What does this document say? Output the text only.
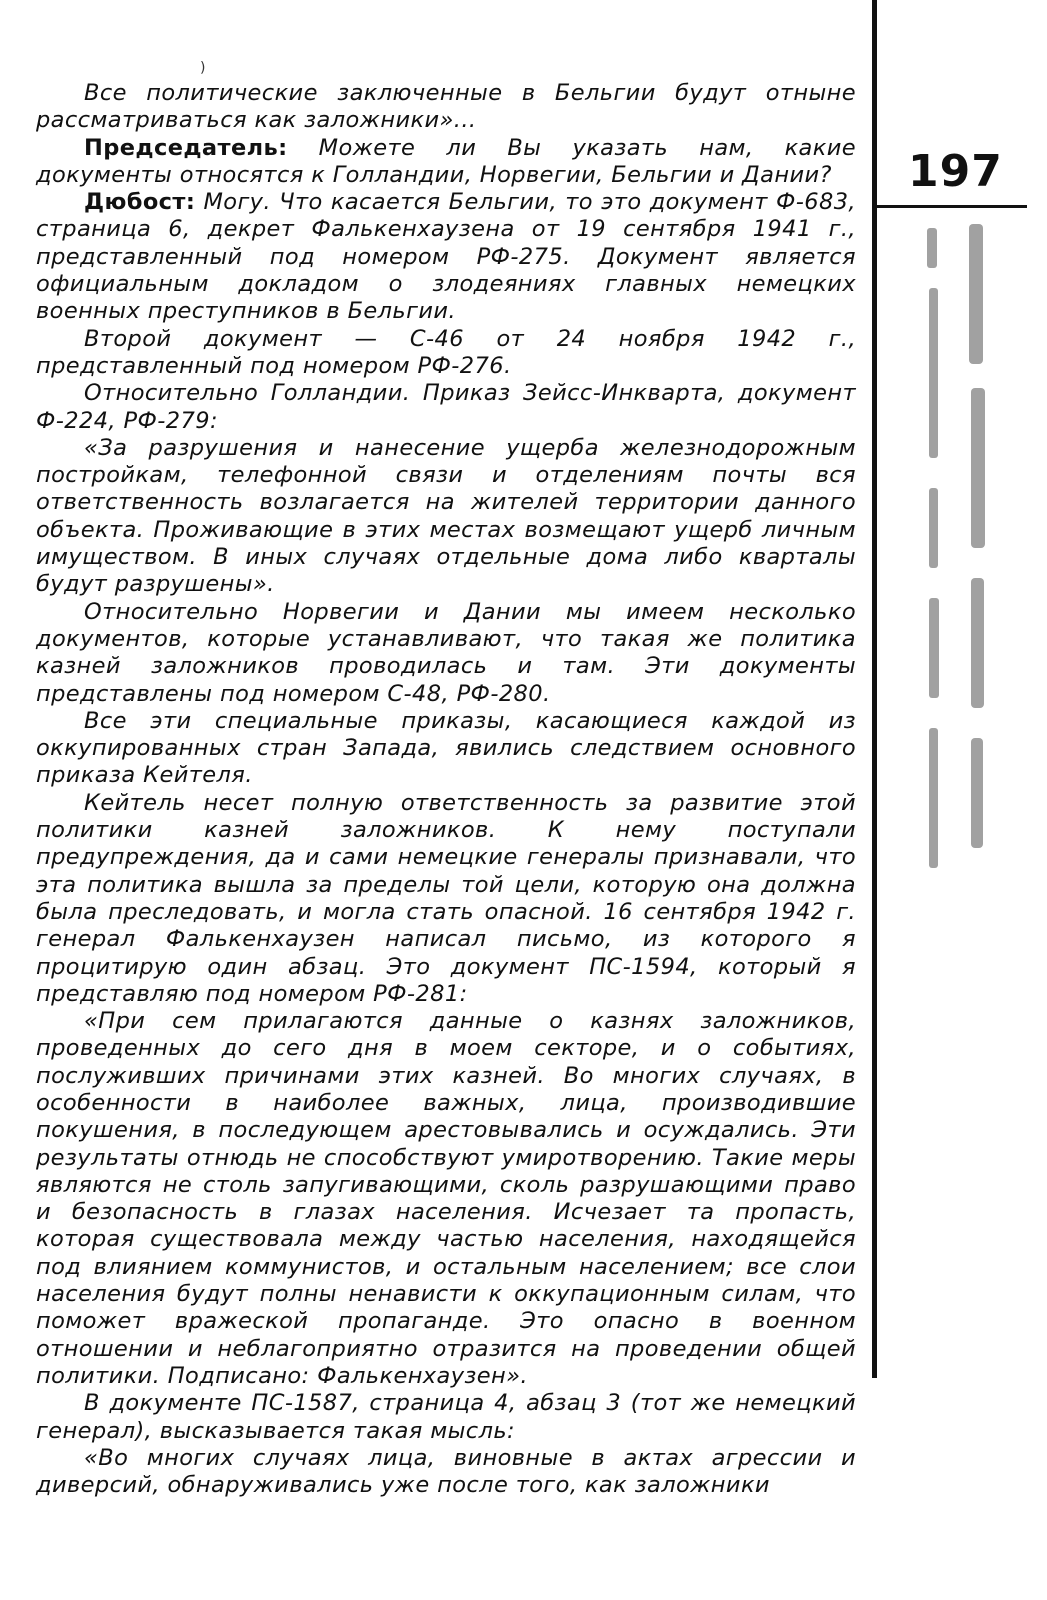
)

Все политические заключенные в Бельгии будут отныне рассматриваться как заложники»...

Председатель: Можете ли Вы указать нам, какие документы относятся к Голландии, Норвегии, Бельгии и Дании?

Дюбост: Могу. Что касается Бельгии, то это документ Ф-683, страница 6, декрет Фалькенхаузена от 19 сентября 1941 г., представленный под номером РФ-275. Документ является официальным докладом о злодеяниях главных немецких военных преступников в Бельгии.

Второй документ — С-46 от 24 ноября 1942 г., представленный под номером РФ-276.

Относительно Голландии. Приказ Зейсс-Инкварта, документ Ф-224, РФ-279:

«За разрушения и нанесение ущерба железнодорожным постройкам, телефонной связи и отделениям почты вся ответственность возлагается на жителей территории данного объекта. Проживающие в этих местах возмещают ущерб личным имуществом. В иных случаях отдельные дома либо кварталы будут разрушены».

Относительно Норвегии и Дании мы имеем несколько документов, которые устанавливают, что такая же политика казней заложников проводилась и там. Эти документы представлены под номером С-48, РФ-280.

Все эти специальные приказы, касающиеся каждой из оккупированных стран Запада, явились следствием основного приказа Кейтеля.

Кейтель несет полную ответственность за развитие этой политики казней заложников. К нему поступали предупреждения, да и сами немецкие генералы признавали, что эта политика вышла за пределы той цели, которую она должна была преследовать, и могла стать опасной. 16 сентября 1942 г. генерал Фалькенхаузен написал письмо, из которого я процитирую один абзац. Это документ ПС-1594, который я представляю под номером РФ-281:

«При сем прилагаются данные о казнях заложников, проведенных до сего дня в моем секторе, и о событиях, послуживших причинами этих казней. Во многих случаях, в особенности в наиболее важных, лица, производившие покушения, в последующем арестовывались и осуждались. Эти результаты отнюдь не способствуют умиротворению. Такие меры являются не столь запугивающими, сколь разрушающими право и безопасность в глазах населения. Исчезает та пропасть, которая существовала между частью населения, находящейся под влиянием коммунистов, и остальным населением; все слои населения будут полны ненависти к оккупационным силам, что поможет вражеской пропаганде. Это опасно в военном отношении и неблагоприятно отразится на проведении общей политики. Подписано: Фалькенхаузен».

В документе ПС-1587, страница 4, абзац 3 (тот же немецкий генерал), высказывается такая мысль:

«Во многих случаях лица, виновные в актах агрессии и диверсий, обнаруживались уже после того, как заложники

197
